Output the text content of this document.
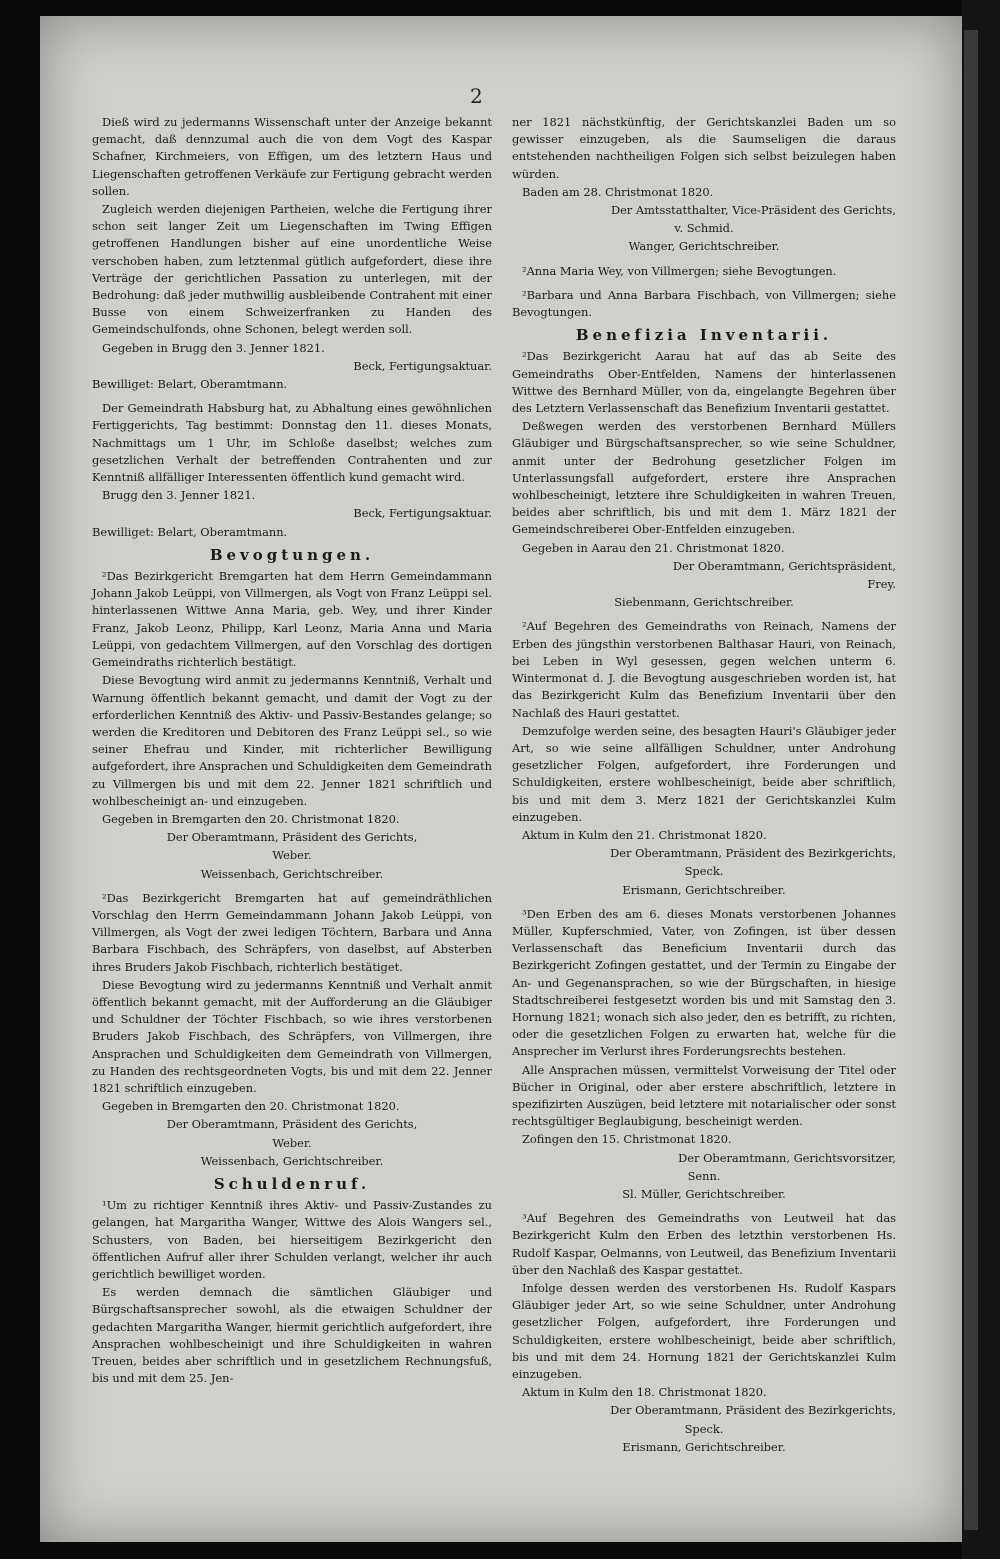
2

Dieß wird zu jedermanns Wissenschaft unter der Anzeige bekannt gemacht, daß dennzumal auch die von dem Vogt des Kaspar Schafner, Kirchmeiers, von Effigen, um des letztern Haus und Liegenschaften getroffenen Verkäufe zur Fertigung gebracht werden sollen.

Zugleich werden diejenigen Partheien, welche die Fertigung ihrer schon seit langer Zeit um Liegenschaften im Twing Effigen getroffenen Handlungen bisher auf eine unordentliche Weise verschoben haben, zum letztenmal gütlich aufgefordert, diese ihre Verträge der gerichtlichen Passation zu unterlegen, mit der Bedrohung: daß jeder muthwillig ausbleibende Contrahent mit einer Busse von einem Schweizerfranken zu Handen des Gemeindschulfonds, ohne Schonen, belegt werden soll.

Gegeben in Brugg den 3. Jenner 1821.

Beck, Fertigungsaktuar.

Bewilliget: Belart, Oberamtmann.

Der Gemeindrath Habsburg hat, zu Abhaltung eines gewöhnlichen Fertiggerichts, Tag bestimmt: Donnstag den 11. dieses Monats, Nachmittags um 1 Uhr, im Schloße daselbst; welches zum gesetzlichen Verhalt der betreffenden Contrahenten und zur Kenntniß allfälliger Interessenten öffentlich kund gemacht wird.

Brugg den 3. Jenner 1821.

Beck, Fertigungsaktuar.

Bewilliget: Belart, Oberamtmann.

Bevogtungen.

²Das Bezirkgericht Bremgarten hat dem Herrn Gemeindammann Johann Jakob Leüppi, von Villmergen, als Vogt von Franz Leüppi sel. hinterlassenen Wittwe Anna Maria, geb. Wey, und ihrer Kinder Franz, Jakob Leonz, Philipp, Karl Leonz, Maria Anna und Maria Leüppi, von gedachtem Villmergen, auf den Vorschlag des dortigen Gemeindraths richterlich bestätigt.

Diese Bevogtung wird anmit zu jedermanns Kenntniß, Verhalt und Warnung öffentlich bekannt gemacht, und damit der Vogt zu der erforderlichen Kenntniß des Aktiv- und Passiv-Bestandes gelange; so werden die Kreditoren und Debitoren des Franz Leüppi sel., so wie seiner Ehefrau und Kinder, mit richterlicher Bewilligung aufgefordert, ihre Ansprachen und Schuldigkeiten dem Gemeindrath zu Villmergen bis und mit dem 22. Jenner 1821 schriftlich und wohlbescheinigt an- und einzugeben.

Gegeben in Bremgarten den 20. Christmonat 1820.

Der Oberamtmann, Präsident des Gerichts,

Weber.

Weissenbach, Gerichtschreiber.

²Das Bezirkgericht Bremgarten hat auf gemeindräthlichen Vorschlag den Herrn Gemeindammann Johann Jakob Leüppi, von Villmergen, als Vogt der zwei ledigen Töchtern, Barbara und Anna Barbara Fischbach, des Schräpfers, von daselbst, auf Absterben ihres Bruders Jakob Fischbach, richterlich bestätiget.

Diese Bevogtung wird zu jedermanns Kenntniß und Verhalt anmit öffentlich bekannt gemacht, mit der Aufforderung an die Gläubiger und Schuldner der Töchter Fischbach, so wie ihres verstorbenen Bruders Jakob Fischbach, des Schräpfers, von Villmergen, ihre Ansprachen und Schuldigkeiten dem Gemeindrath von Villmergen, zu Handen des rechtsgeordneten Vogts, bis und mit dem 22. Jenner 1821 schriftlich einzugeben.

Gegeben in Bremgarten den 20. Christmonat 1820.

Der Oberamtmann, Präsident des Gerichts,

Weber.

Weissenbach, Gerichtschreiber.

Schuldenruf.

¹Um zu richtiger Kenntniß ihres Aktiv- und Passiv-Zustandes zu gelangen, hat Margaritha Wanger, Wittwe des Alois Wangers sel., Schusters, von Baden, bei hierseitigem Bezirkgericht den öffentlichen Aufruf aller ihrer Schulden verlangt, welcher ihr auch gerichtlich bewilliget worden.

Es werden demnach die sämtlichen Gläubiger und Bürgschaftsansprecher sowohl, als die etwaigen Schuldner der gedachten Margaritha Wanger, hiermit gerichtlich aufgefordert, ihre Ansprachen wohlbescheinigt und ihre Schuldigkeiten in wahren Treuen, beides aber schriftlich und in gesetzlichem Rechnungsfuß, bis und mit dem 25. Jen-

ner 1821 nächstkünftig, der Gerichtskanzlei Baden um so gewisser einzugeben, als die Saumseligen die daraus entstehenden nachtheiligen Folgen sich selbst beizulegen haben würden.

Baden am 28. Christmonat 1820.

Der Amtsstatthalter, Vice-Präsident des Gerichts,

v. Schmid.

Wanger, Gerichtschreiber.

²Anna Maria Wey, von Villmergen; siehe Bevogtungen.

²Barbara und Anna Barbara Fischbach, von Villmergen; siehe Bevogtungen.

Benefizia Inventarii.

²Das Bezirkgericht Aarau hat auf das ab Seite des Gemeindraths Ober-Entfelden, Namens der hinterlassenen Wittwe des Bernhard Müller, von da, eingelangte Begehren über des Letztern Verlassenschaft das Benefizium Inventarii gestattet.

Deßwegen werden des verstorbenen Bernhard Müllers Gläubiger und Bürgschaftsansprecher, so wie seine Schuldner, anmit unter der Bedrohung gesetzlicher Folgen im Unterlassungsfall aufgefordert, erstere ihre Ansprachen wohlbescheinigt, letztere ihre Schuldigkeiten in wahren Treuen, beides aber schriftlich, bis und mit dem 1. März 1821 der Gemeindschreiberei Ober-Entfelden einzugeben.

Gegeben in Aarau den 21. Christmonat 1820.

Der Oberamtmann, Gerichtspräsident,

Frey.

Siebenmann, Gerichtschreiber.

²Auf Begehren des Gemeindraths von Reinach, Namens der Erben des jüngsthin verstorbenen Balthasar Hauri, von Reinach, bei Leben in Wyl gesessen, gegen welchen unterm 6. Wintermonat d. J. die Bevogtung ausgeschrieben worden ist, hat das Bezirkgericht Kulm das Benefizium Inventarii über den Nachlaß des Hauri gestattet.

Demzufolge werden seine, des besagten Hauri's Gläubiger jeder Art, so wie seine allfälligen Schuldner, unter Androhung gesetzlicher Folgen, aufgefordert, ihre Forderungen und Schuldigkeiten, erstere wohlbescheinigt, beide aber schriftlich, bis und mit dem 3. Merz 1821 der Gerichtskanzlei Kulm einzugeben.

Aktum in Kulm den 21. Christmonat 1820.

Der Oberamtmann, Präsident des Bezirkgerichts,

Speck.

Erismann, Gerichtschreiber.

³Den Erben des am 6. dieses Monats verstorbenen Johannes Müller, Kupferschmied, Vater, von Zofingen, ist über dessen Verlassenschaft das Beneficium Inventarii durch das Bezirkgericht Zofingen gestattet, und der Termin zu Eingabe der An- und Gegenansprachen, so wie der Bürgschaften, in hiesige Stadtschreiberei festgesetzt worden bis und mit Samstag den 3. Hornung 1821; wonach sich also jeder, den es betrifft, zu richten, oder die gesetzlichen Folgen zu erwarten hat, welche für die Ansprecher im Verlurst ihres Forderungsrechts bestehen.

Alle Ansprachen müssen, vermittelst Vorweisung der Titel oder Bücher in Original, oder aber erstere abschriftlich, letztere in spezifizirten Auszügen, beid letztere mit notarialischer oder sonst rechtsgültiger Beglaubigung, bescheinigt werden.

Zofingen den 15. Christmonat 1820.

Der Oberamtmann, Gerichtsvorsitzer,

Senn.

Sl. Müller, Gerichtschreiber.

³Auf Begehren des Gemeindraths von Leutweil hat das Bezirkgericht Kulm den Erben des letzthin verstorbenen Hs. Rudolf Kaspar, Oelmanns, von Leutweil, das Benefizium Inventarii über den Nachlaß des Kaspar gestattet.

Infolge dessen werden des verstorbenen Hs. Rudolf Kaspars Gläubiger jeder Art, so wie seine Schuldner, unter Androhung gesetzlicher Folgen, aufgefordert, ihre Forderungen und Schuldigkeiten, erstere wohlbescheinigt, beide aber schriftlich, bis und mit dem 24. Hornung 1821 der Gerichtskanzlei Kulm einzugeben.

Aktum in Kulm den 18. Christmonat 1820.

Der Oberamtmann, Präsident des Bezirkgerichts,

Speck.

Erismann, Gerichtschreiber.
